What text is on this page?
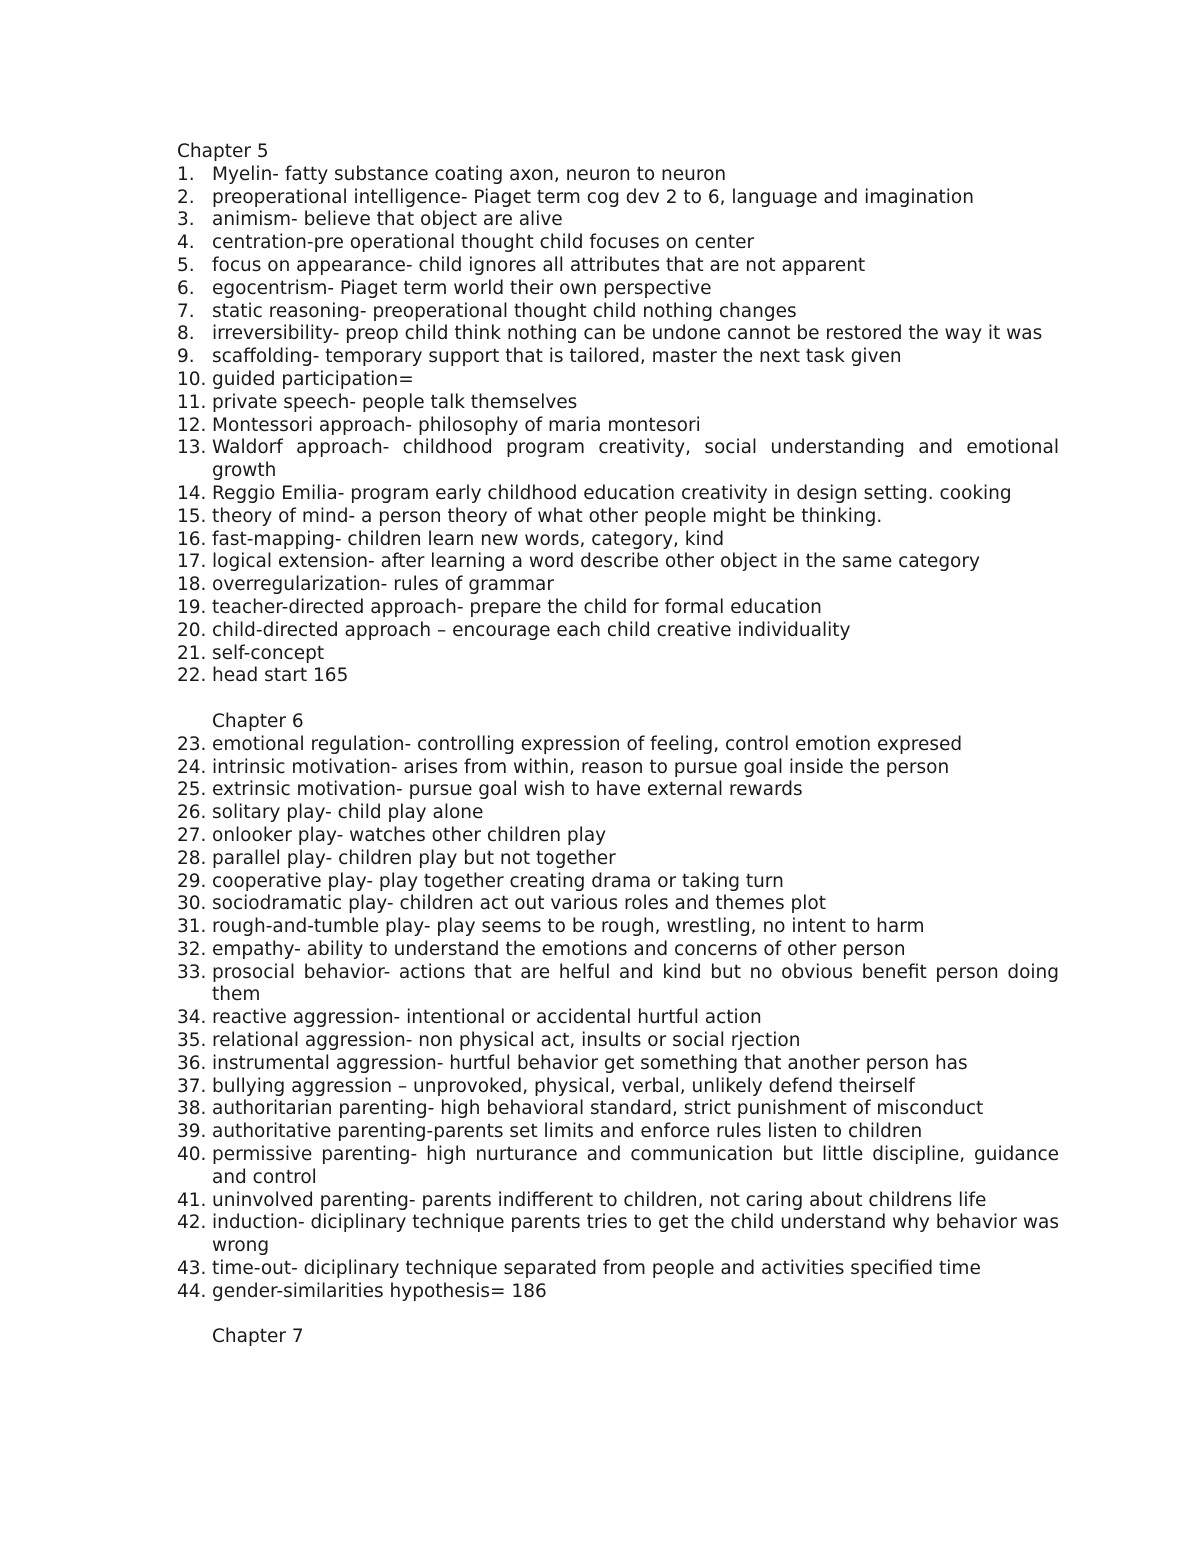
Chapter 5
1. Myelin- fatty substance coating axon, neuron to neuron
2. preoperational intelligence- Piaget term cog dev 2 to 6, language and imagination
3. animism- believe that object are alive
4. centration-pre operational thought child focuses on center
5. focus on appearance- child ignores all attributes that are not apparent
6. egocentrism- Piaget term world their own perspective
7. static reasoning- preoperational thought child nothing changes
8. irreversibility- preop child think nothing can be undone cannot be restored the way it was
9. scaffolding- temporary support that is tailored, master the next task given
10. guided participation=
11. private speech- people talk themselves
12. Montessori approach- philosophy of maria montesori
13. Waldorf approach- childhood program creativity, social understanding and emotional growth
14. Reggio Emilia- program early childhood education creativity in design setting. cooking
15. theory of mind- a person theory of what other people might be thinking.
16. fast-mapping- children learn new words, category, kind
17. logical extension- after learning a word describe other object in the same category
18. overregularization- rules of grammar
19. teacher-directed approach- prepare the child for formal education
20. child-directed approach – encourage each child creative individuality
21. self-concept
22. head start 165
Chapter 6
23. emotional regulation- controlling expression of feeling, control emotion expresed
24. intrinsic motivation- arises from within, reason to pursue goal inside the person
25. extrinsic motivation- pursue goal wish to have external rewards
26. solitary play- child play alone
27. onlooker play- watches other children play
28. parallel play- children play but not together
29. cooperative play- play together creating drama or taking turn
30. sociodramatic play- children act out various roles and themes plot
31. rough-and-tumble play- play seems to be rough, wrestling, no intent to harm
32. empathy- ability to understand the emotions and concerns of other person
33. prosocial behavior- actions that are helful and kind but no obvious benefit person doing them
34. reactive aggression- intentional or accidental hurtful action
35. relational aggression- non physical act, insults or social rjection
36. instrumental aggression- hurtful behavior get something that another person has
37. bullying aggression – unprovoked, physical, verbal, unlikely defend theirself
38. authoritarian parenting- high behavioral standard, strict punishment of misconduct
39. authoritative parenting-parents set limits and enforce rules listen to children
40. permissive parenting- high nurturance and communication but little discipline, guidance and control
41. uninvolved parenting- parents indifferent to children, not caring about childrens life
42. induction- diciplinary technique parents tries to get the child understand why behavior was wrong
43. time-out- diciplinary technique separated from people and activities specified time
44. gender-similarities hypothesis= 186
Chapter 7
